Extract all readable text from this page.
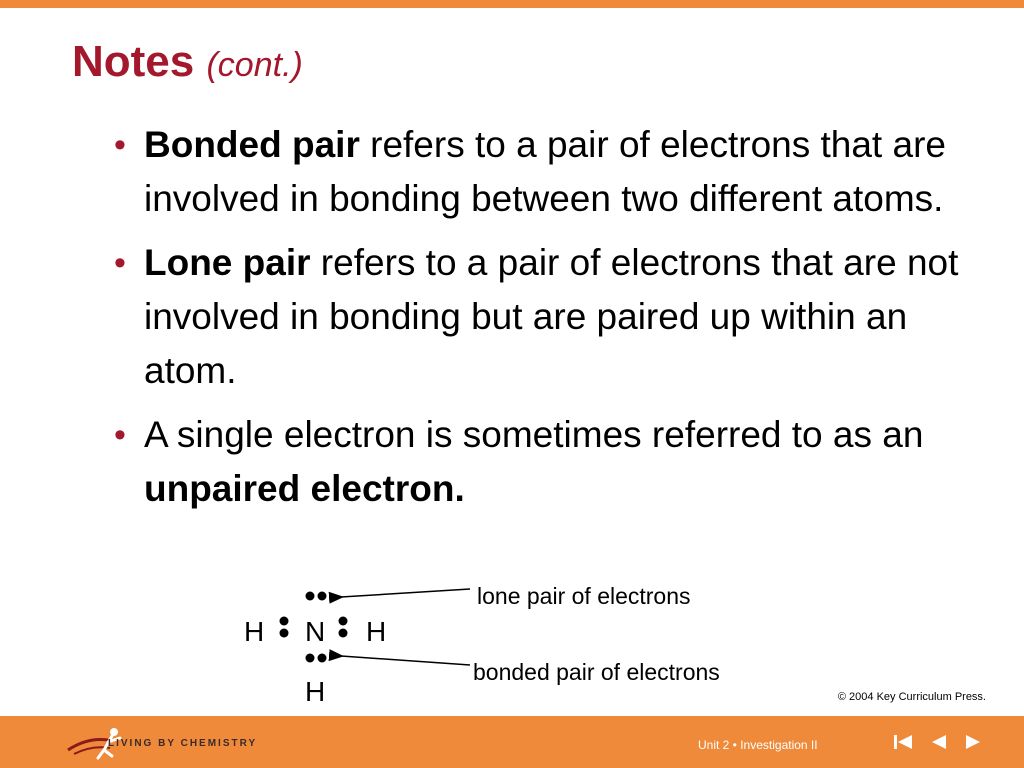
Notes (cont.)
• Bonded pair refers to a pair of electrons that are involved in bonding between two different atoms.
• Lone pair refers to a pair of electrons that are not involved in bonding but are paired up within an atom.
• A single electron is sometimes referred to as an unpaired electron.
H N H
H
lone pair of electrons
bonded pair of electrons
© 2004 Key Curriculum Press.
LIVING BY CHEMISTRY	Unit 2 • Investigation II
